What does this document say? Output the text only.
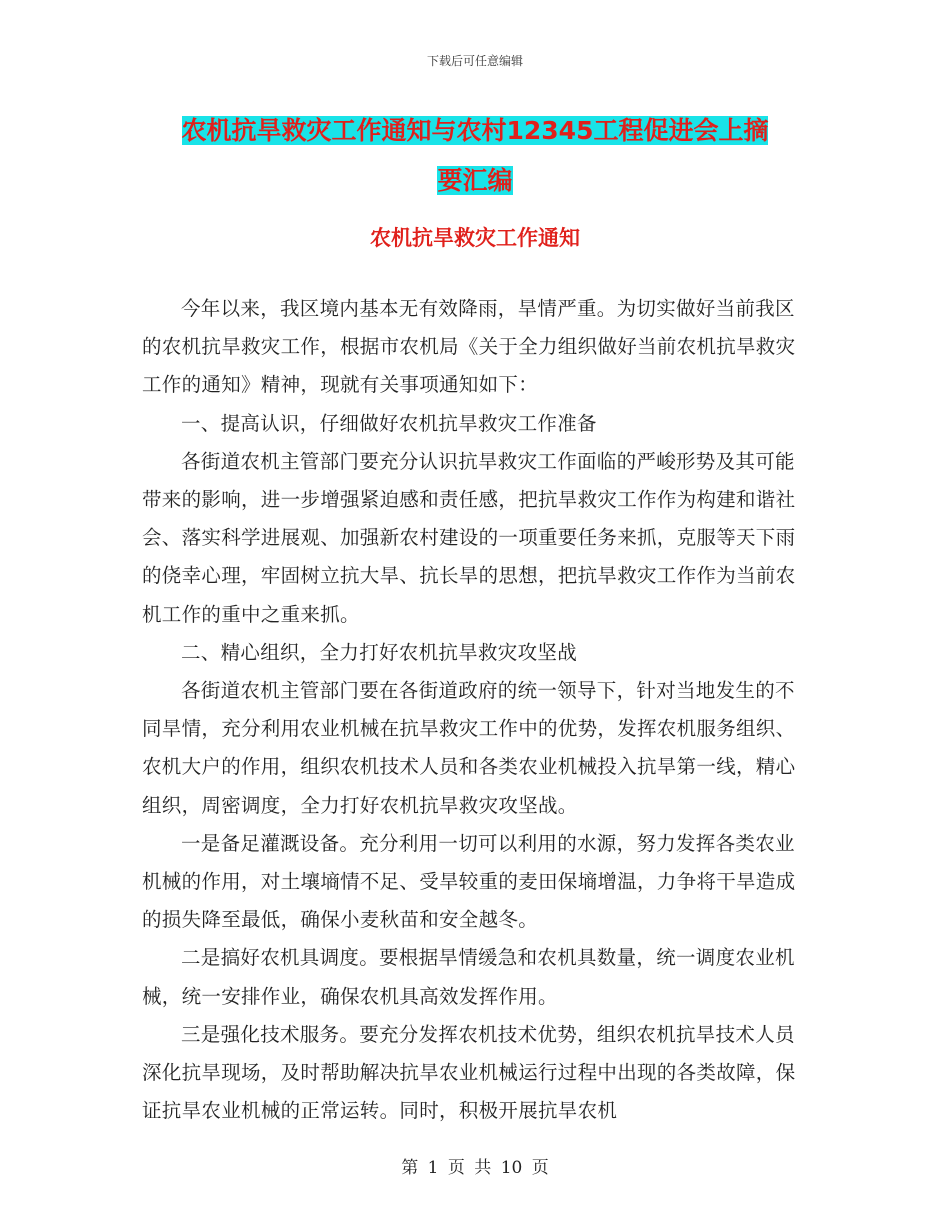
下载后可任意编辑
农机抗旱救灾工作通知与农村12345工程促进会上摘
要汇编
农机抗旱救灾工作通知

今年以来，我区境内基本无有效降雨，旱情严重。为切实做好当前我区的农机抗旱救灾工作，根据市农机局《关于全力组织做好当前农机抗旱救灾工作的通知》精神，现就有关事项通知如下：

一、提高认识，仔细做好农机抗旱救灾工作准备

各街道农机主管部门要充分认识抗旱救灾工作面临的严峻形势及其可能带来的影响，进一步增强紧迫感和责任感，把抗旱救灾工作作为构建和谐社会、落实科学进展观、加强新农村建设的一项重要任务来抓，克服等天下雨的侥幸心理，牢固树立抗大旱、抗长旱的思想，把抗旱救灾工作作为当前农机工作的重中之重来抓。

二、精心组织，全力打好农机抗旱救灾攻坚战

各街道农机主管部门要在各街道政府的统一领导下，针对当地发生的不同旱情，充分利用农业机械在抗旱救灾工作中的优势，发挥农机服务组织、农机大户的作用，组织农机技术人员和各类农业机械投入抗旱第一线，精心组织，周密调度，全力打好农机抗旱救灾攻坚战。

一是备足灌溉设备。充分利用一切可以利用的水源，努力发挥各类农业机械的作用，对土壤墒情不足、受旱较重的麦田保墒增温，力争将干旱造成的损失降至最低，确保小麦秋苗和安全越冬。

二是搞好农机具调度。要根据旱情缓急和农机具数量，统一调度农业机械，统一安排作业，确保农机具高效发挥作用。

三是强化技术服务。要充分发挥农机技术优势，组织农机抗旱技术人员深化抗旱现场，及时帮助解决抗旱农业机械运行过程中出现的各类故障，保证抗旱农业机械的正常运转。同时，积极开展抗旱农机

第 1 页 共 10 页
